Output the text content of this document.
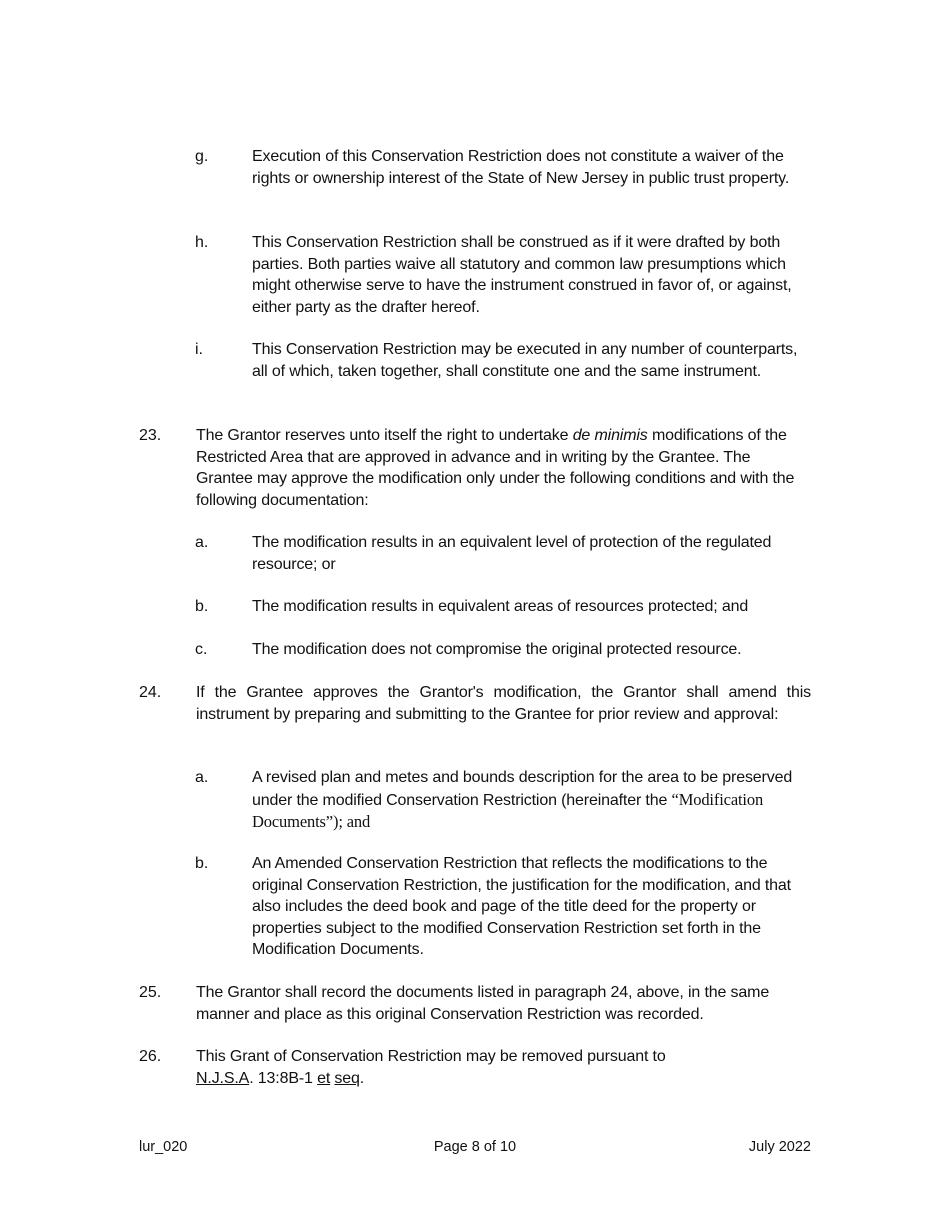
g.	Execution of this Conservation Restriction does not constitute a waiver of the rights or ownership interest of the State of New Jersey in public trust property.
h.	This Conservation Restriction shall be construed as if it were drafted by both parties. Both parties waive all statutory and common law presumptions which might otherwise serve to have the instrument construed in favor of, or against, either party as the drafter hereof.
i.	This Conservation Restriction may be executed in any number of counterparts, all of which, taken together, shall constitute one and the same instrument.
23.	The Grantor reserves unto itself the right to undertake de minimis modifications of the Restricted Area that are approved in advance and in writing by the Grantee. The Grantee may approve the modification only under the following conditions and with the following documentation:
a.	The modification results in an equivalent level of protection of the regulated resource; or
b.	The modification results in equivalent areas of resources protected; and
c.	The modification does not compromise the original protected resource.
24.	If the Grantee approves the Grantor's modification, the Grantor shall amend this instrument by preparing and submitting to the Grantee for prior review and approval:
a.	A revised plan and metes and bounds description for the area to be preserved under the modified Conservation Restriction (hereinafter the “Modification Documents”); and
b.	An Amended Conservation Restriction that reflects the modifications to the original Conservation Restriction, the justification for the modification, and that also includes the deed book and page of the title deed for the property or properties subject to the modified Conservation Restriction set forth in the Modification Documents.
25.	The Grantor shall record the documents listed in paragraph 24, above, in the same manner and place as this original Conservation Restriction was recorded.
26.	This Grant of Conservation Restriction may be removed pursuant to N.J.S.A. 13:8B-1 et seq.
lur_020	Page 8 of 10	July 2022
